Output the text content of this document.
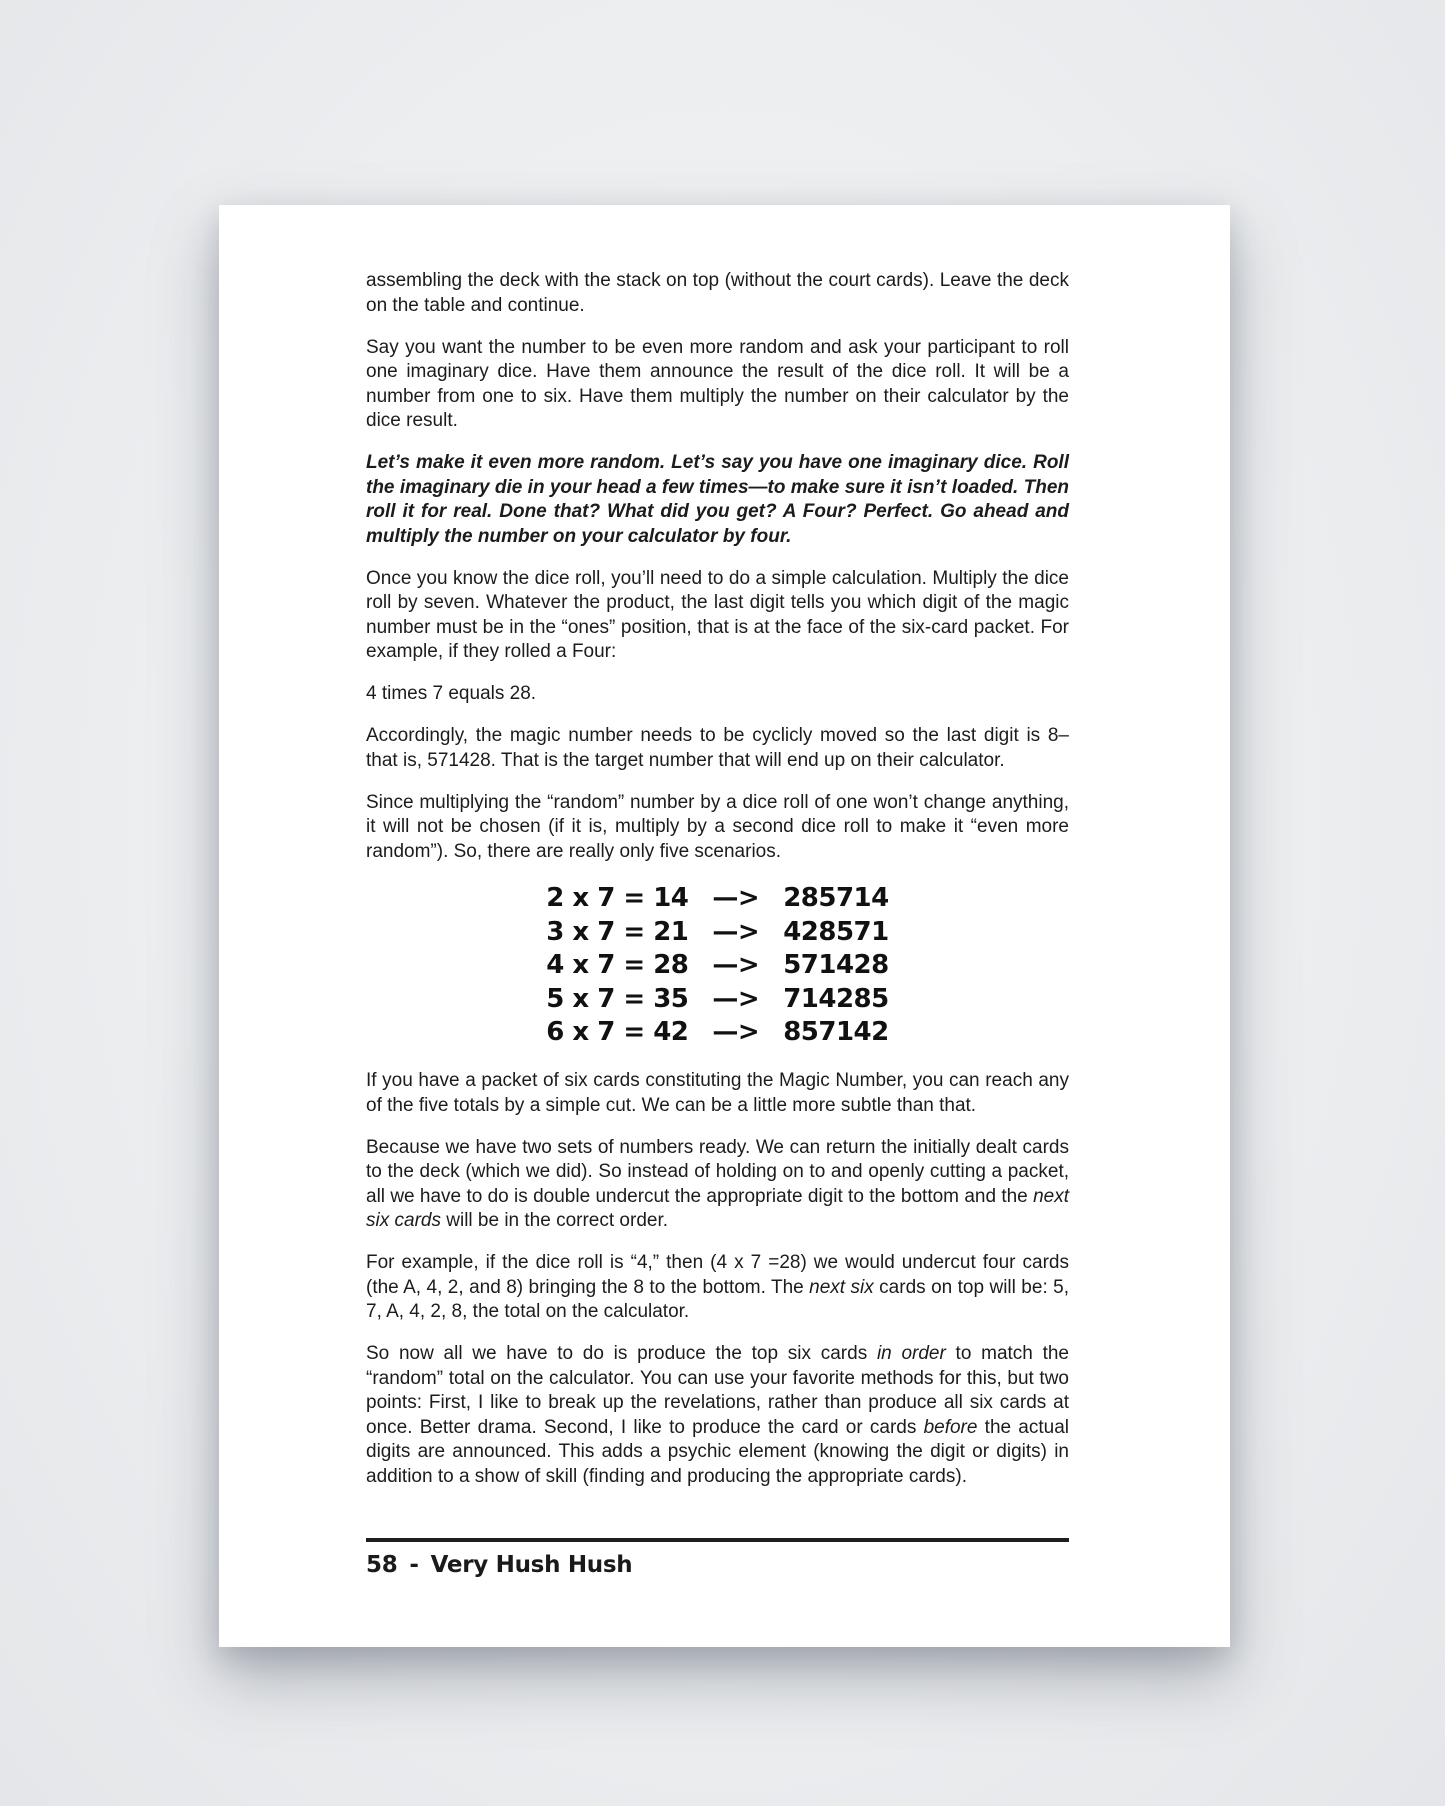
assembling the deck with the stack on top (without the court cards). Leave the deck on the table and continue.

Say you want the number to be even more random and ask your participant to roll one imaginary dice. Have them announce the result of the dice roll. It will be a number from one to six. Have them multiply the number on their calculator by the dice result.

Let’s make it even more random. Let’s say you have one imaginary dice. Roll the imaginary die in your head a few times—to make sure it isn’t loaded. Then roll it for real. Done that? What did you get? A Four? Perfect. Go ahead and multiply the number on your calculator by four.

Once you know the dice roll, you’ll need to do a simple calculation. Multiply the dice roll by seven. Whatever the product, the last digit tells you which digit of the magic number must be in the “ones” position, that is at the face of the six-card packet. For example, if they rolled a Four:

4 times 7 equals 28.

Accordingly, the magic number needs to be cyclicly moved so the last digit is 8– that is, 571428. That is the target number that will end up on their calculator.

Since multiplying the “random” number by a dice roll of one won’t change anything, it will not be chosen (if it is, multiply by a second dice roll to make it “even more random”). So, there are really only five scenarios.

2 x 7 = 14	—>	285714
3 x 7 = 21	—>	428571
4 x 7 = 28	—>	571428
5 x 7 = 35	—>	714285
6 x 7 = 42	—>	857142

If you have a packet of six cards constituting the Magic Number, you can reach any of the five totals by a simple cut. We can be a little more subtle than that.

Because we have two sets of numbers ready. We can return the initially dealt cards to the deck (which we did). So instead of holding on to and openly cutting a packet, all we have to do is double undercut the appropriate digit to the bottom and the next six cards will be in the correct order.

For example, if the dice roll is “4,” then (4 x 7 =28) we would undercut four cards (the A, 4, 2, and 8) bringing the 8 to the bottom. The next six cards on top will be: 5, 7, A, 4, 2, 8, the total on the calculator.

So now all we have to do is produce the top six cards in order to match the “random” total on the calculator. You can use your favorite methods for this, but two points: First, I like to break up the revelations, rather than produce all six cards at once. Better drama. Second, I like to produce the card or cards before the actual digits are announced. This adds a psychic element (knowing the digit or digits) in addition to a show of skill (finding and producing the appropriate cards).

58 - Very Hush Hush
